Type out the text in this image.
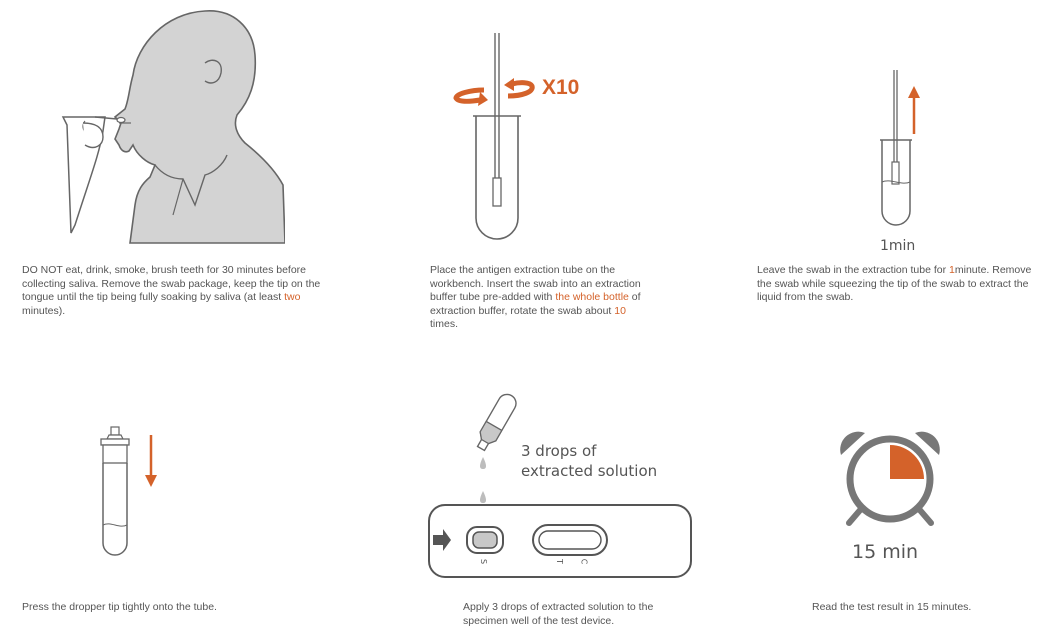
DO NOT eat, drink, smoke, brush teeth for 30 minutes before collecting saliva. Remove the swab package, keep the tip on the tongue until the tip being fully soaking by saliva (at least two minutes).
X10
Place the antigen extraction tube on the workbench. Insert the swab into an extraction buffer tube pre-added with the whole bottle of extraction buffer, rotate the swab about 10 times.
1min
Leave the swab in the extraction tube for 1minute. Remove the swab while squeezing the tip of the swab to extract the liquid from the swab.
Press the dropper tip tightly onto the tube.
3 drops of extracted solution
S	T C
Apply 3 drops of extracted solution to the specimen well of the test device.
15 min
Read the test result in 15 minutes.
